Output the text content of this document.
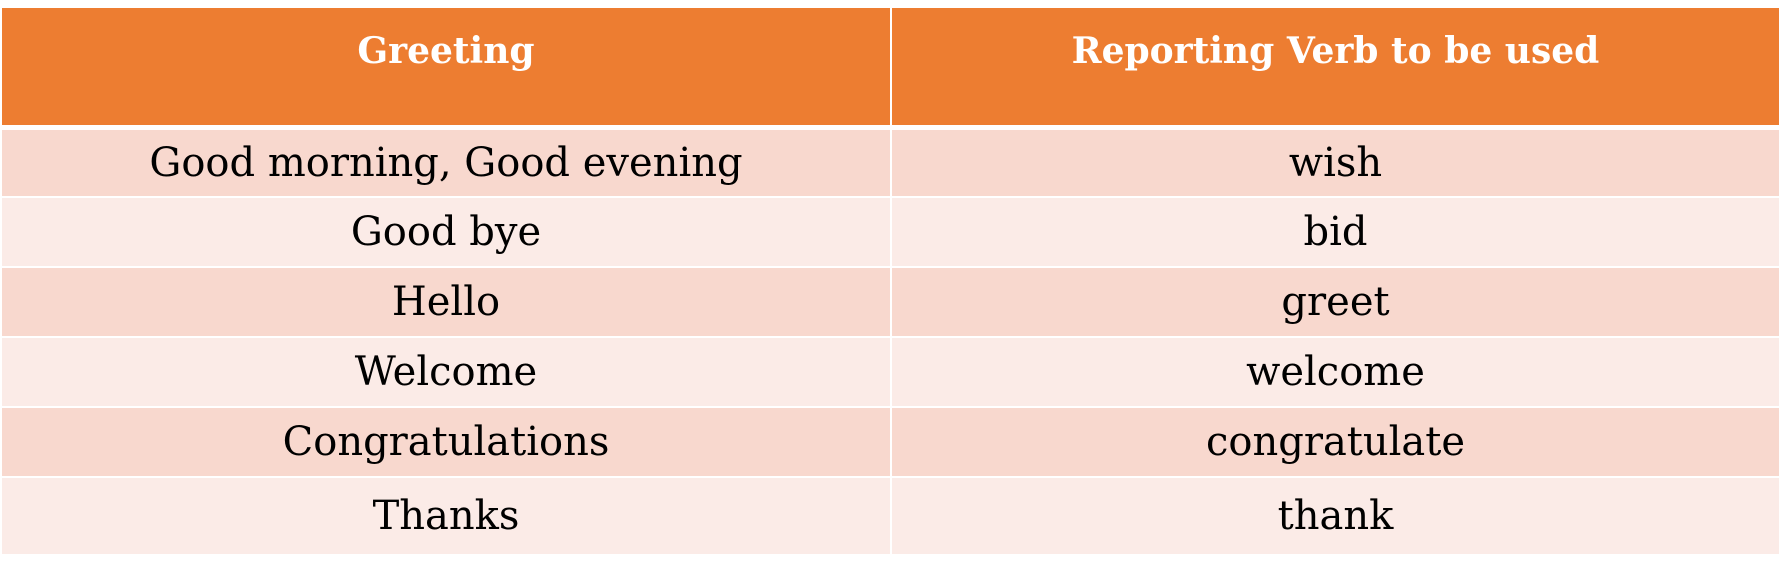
Greeting	Reporting Verb to be used
Good morning, Good evening	wish
Good bye	bid
Hello	greet
Welcome	welcome
Congratulations	congratulate
Thanks	thank
